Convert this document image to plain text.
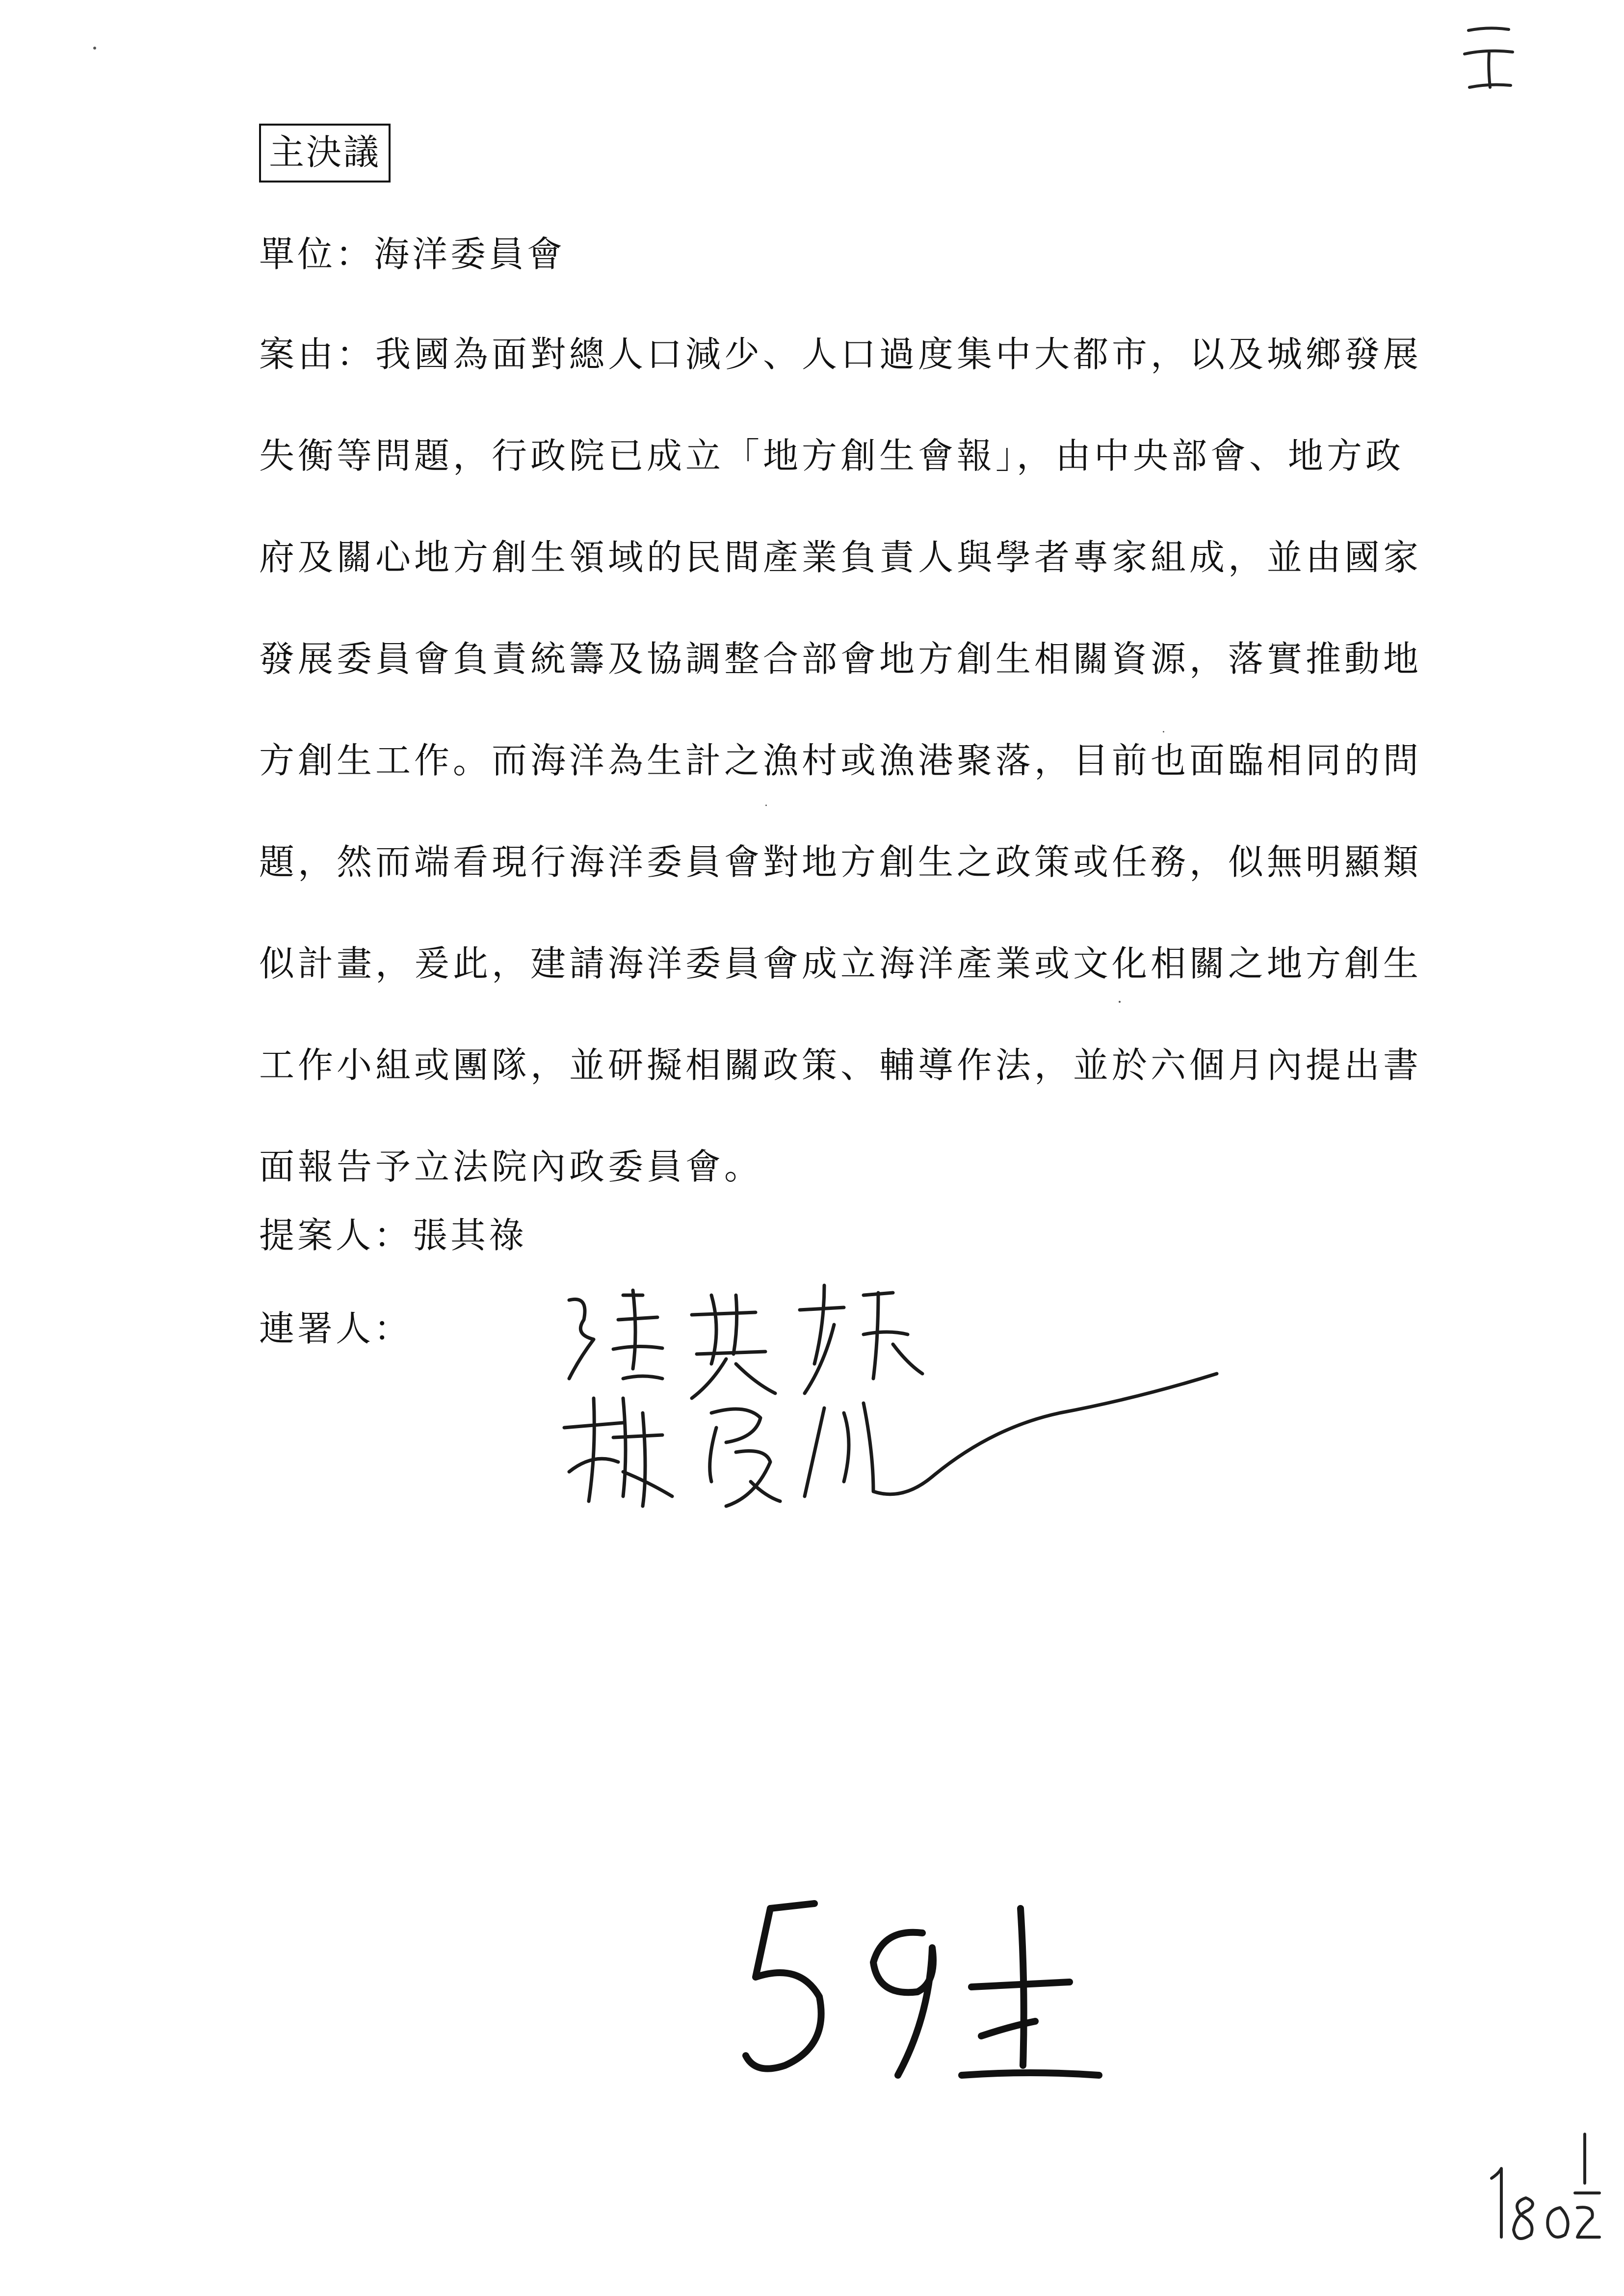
主決議
單位：海洋委員會
案由：我國為面對總人口減少、人口過度集中大都市，以及城鄉發展
失衡等問題，行政院已成立「地方創生會報」，由中央部會、地方政
府及關心地方創生領域的民間產業負責人與學者專家組成，並由國家
發展委員會負責統籌及協調整合部會地方創生相關資源，落實推動地
方創生工作。而海洋為生計之漁村或漁港聚落，目前也面臨相同的問
題，然而端看現行海洋委員會對地方創生之政策或任務，似無明顯類
似計畫，爰此，建請海洋委員會成立海洋產業或文化相關之地方創生
工作小組或團隊，並研擬相關政策、輔導作法，並於六個月內提出書
面報告予立法院內政委員會。
提案人：張其祿
連署人：
